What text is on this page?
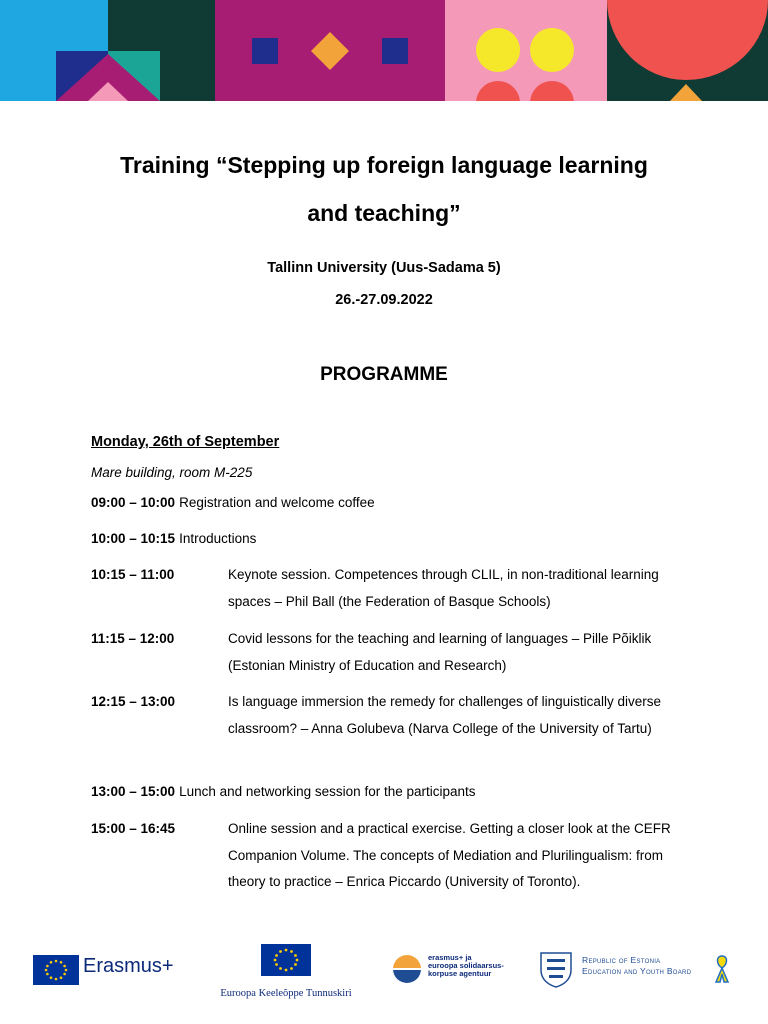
Training “Stepping up foreign language learning
and teaching”
Tallinn University (Uus-Sadama 5)
26.-27.09.2022
PROGRAMME
Monday, 26th of September
Mare building, room M-225
09:00 – 10:00 Registration and welcome coffee
10:00 – 10:15 Introductions
10:15 – 11:00	Keynote session. Competences through CLIL, in non-traditional learning spaces – Phil Ball (the Federation of Basque Schools)
11:15 – 12:00	Covid lessons for the teaching and learning of languages – Pille Põiklik (Estonian Ministry of Education and Research)
12:15 – 13:00	Is language immersion the remedy for challenges of linguistically diverse classroom? – Anna Golubeva (Narva College of the University of Tartu)
13:00 – 15:00 Lunch and networking session for the participants
15:00 – 16:45	Online session and a practical exercise. Getting a closer look at the CEFR Companion Volume. The concepts of Mediation and Plurilingualism: from theory to practice – Enrica Piccardo (University of Toronto).
Erasmus+
Euroopa Keeleõppe Tunnuskiri
erasmus+ ja
euroopa solidaarsus-
korpuse agentuur
Republic of Estonia
Education and Youth Board
